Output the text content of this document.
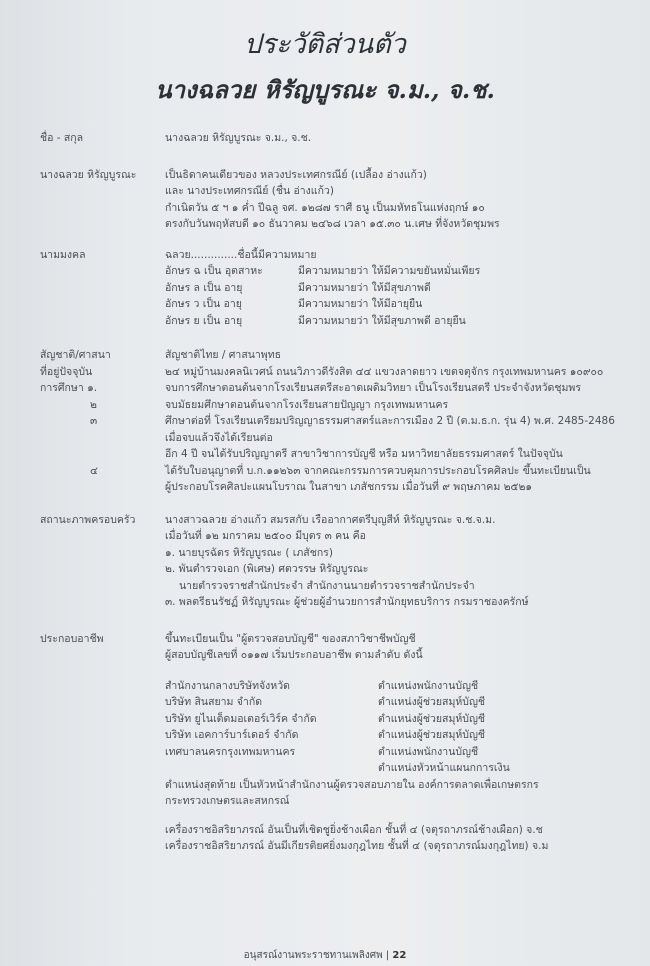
ประวัติส่วนตัว
นางฉลวย หิรัญบูรณะ จ.ม., จ.ช.
ชื่อ - สกุล	นางฉลวย หิรัญบูรณะ จ.ม., จ.ช.
นางฉลวย หิรัญบูรณะ	เป็นธิดาคนเดียวของ หลวงประเทศกรณีย์ (เปลื้อง อ่างแก้ว)
และ นางประเทศกรณีย์ (ชื่น อ่างแก้ว)
กำเนิดวัน ๕ ฯ ๑ ค่ำ ปีฉลู จศ. ๑๒๘๗ ราศี ธนู เป็นมหัทธโนแห่งฤกษ์ ๑๐
ตรงกับวันพฤหัสบดี ๑๐ ธันวาคม ๒๔๖๘ เวลา ๑๕.๓๐ น.เศษ ที่จังหวัดชุมพร
นามมงคล	ฉลวย..............ชื่อนี้มีความหมาย
อักษร ฉ เป็น อุตสาหะ	มีความหมายว่า ให้มีความขยันหมั่นเพียร
อักษร ล เป็น อายุ	มีความหมายว่า ให้มีสุขภาพดี
อักษร ว เป็น อายุ	มีความหมายว่า ให้มีอายุยืน
อักษร ย เป็น อายุ	มีความหมายว่า ให้มีสุขภาพดี อายุยืน
สัญชาติ/ศาสนา	สัญชาติไทย / ศาสนาพุทธ
ที่อยู่ปัจจุบัน	๒๔ หมู่บ้านมงคลนิเวศน์ ถนนวิภาวดีรังสิต ๔๔ แขวงลาดยาว เขตจตุจักร กรุงเทพมหานคร ๑๐๙๐๐
การศึกษา ๑.	จบการศึกษาตอนต้นจากโรงเรียนสตรีสะอาดเผดิมวิทยา เป็นโรงเรียนสตรี ประจำจังหวัดชุมพร
๒	จบมัธยมศึกษาตอนต้นจากโรงเรียนสายปัญญา กรุงเทพมหานคร
๓	ศึกษาต่อที่ โรงเรียนเตรียมปริญญาธรรมศาสตร์และการเมือง 2 ปี (ต.ม.ธ.ก. รุ่น 4) พ.ศ. 2485-2486 เมื่อจบแล้วจึงได้เรียนต่อ
อีก 4 ปี จนได้รับปริญญาตรี สาขาวิชาการบัญชี หรือ มหาวิทยาลัยธรรมศาสตร์ ในปัจจุบัน
๔	ได้รับใบอนุญาตที่ บ.ก.๑๑๒๖๓ จากคณะกรรมการควบคุมการประกอบโรคศิลปะ ขึ้นทะเบียนเป็น
ผู้ประกอบโรคศิลปะแผนโบราณ ในสาขา เภสัชกรรม เมื่อวันที่ ๙ พฤษภาคม ๒๕๒๑
สถานะภาพครอบครัว	นางสาวฉลวย อ่างแก้ว สมรสกับ เรืออากาศตรีบุญสีห์ หิรัญบูรณะ จ.ช.จ.ม.
เมื่อวันที่ ๑๒ มกราคม ๒๕๐๐ มีบุตร ๓ คน คือ
๑. นายบุรฉัตร หิรัญบูรณะ ( เภสัชกร)
๒. พันตำรวจเอก (พิเศษ) ศตวรรษ หิรัญบูรณะ
นายตำรวจราชสำนักประจำ สำนักงานนายตำรวจราชสำนักประจำ
๓. พลตรีธนรัชฏ์ หิรัญบูรณะ ผู้ช่วยผู้อำนวยการสำนักยุทธบริการ กรมราชองครักษ์
ประกอบอาชีพ	ขึ้นทะเบียนเป็น "ผู้ตรวจสอบบัญชี" ของสภาวิชาชีพบัญชี
ผู้สอบบัญชีเลขที่ ๐๑๑๗ เริ่มประกอบอาชีพ ตามลำดับ ดังนี้
สำนักงานกลางบริษัทจังหวัด	ตำแหน่งพนักงานบัญชี
บริษัท สินสยาม จำกัด	ตำแหน่งผู้ช่วยสมุห์บัญชี
บริษัท ยูไนเต็ดมอเตอร์เวิร์ค จำกัด	ตำแหน่งผู้ช่วยสมุห์บัญชี
บริษัท เอคการ์บาร์เดอร์ จำกัด	ตำแหน่งผู้ช่วยสมุห์บัญชี
เทศบาลนครกรุงเทพมหานคร	ตำแหน่งพนักงานบัญชี
ตำแหน่งหัวหน้าแผนกการเงิน
ตำแหน่งสุดท้าย เป็นหัวหน้าสำนักงานผู้ตรวจสอบภายใน องค์การตลาดเพื่อเกษตรกร
กระทรวงเกษตรและสหกรณ์
เครื่องราชอิสริยาภรณ์ อันเป็นที่เชิดชูยิ่งช้างเผือก ชั้นที่ ๔ (จตุรถาภรณ์ช้างเผือก) จ.ช
เครื่องราชอิสริยาภรณ์ อันมีเกียรติยศยิ่งมงกุฎไทย ชั้นที่ ๔ (จตุรถาภรณ์มงกุฎไทย) จ.ม
อนุสรณ์งานพระราชทานเพลิงศพ | 22
